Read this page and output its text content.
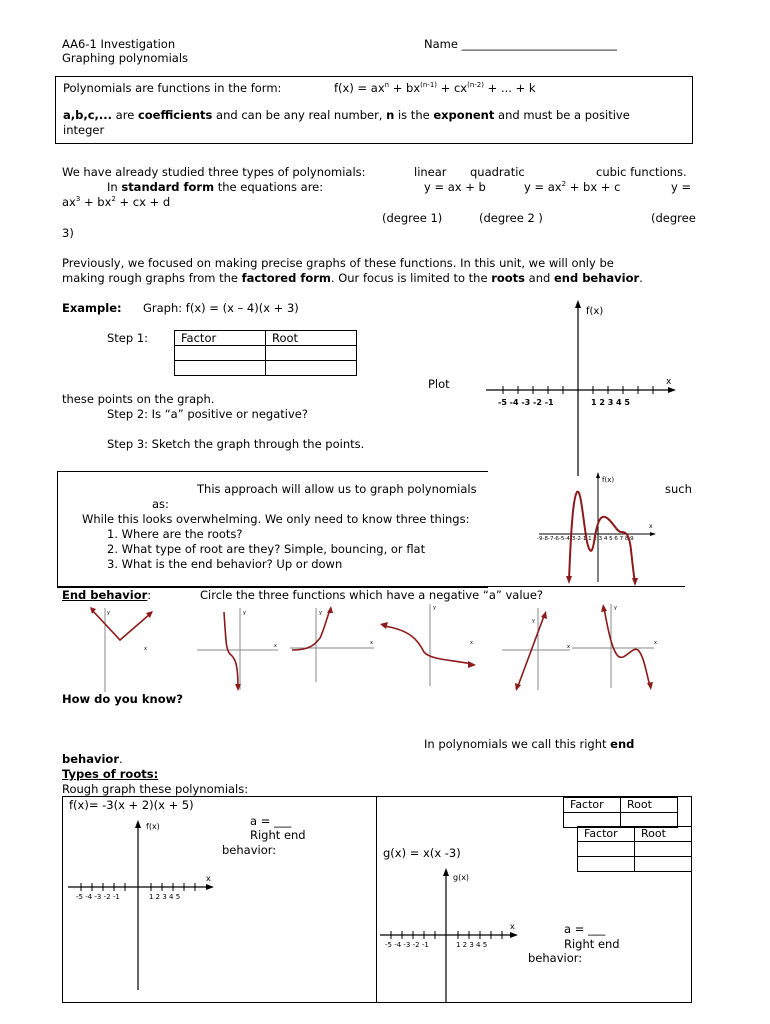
AA6-1 Investigation
Graphing polynomials
Name ___________________________
Polynomials are functions in the form:	$f(x) = ax^n + bx^{(n-1)} + cx^{(n-2)}$ + ... + k
a,b,c,... are coefficients and can be any real number, n is the exponent and must be a positive
integer
We have already studied three types of polynomials:	linear quadratic	cubic functions.
In standard form the equations are:	y = ax + b	$y = ax^2$ + bx + c	y =
$ax^3 + bx^2$ + cx + d
(degree 1)	(degree 2 )	(degree
3)
Previously, we focused on making precise graphs of these functions. In this unit, we will only be
making rough graphs from the factored form. Our focus is limited to the roots and end behavior.
Example: Graph: f(x) = (x – 4)(x + 3)
Step 1:	Factor	Root

Plot
these points on the graph.
Step 2: Is “a” positive or negative?
Step 3: Sketch the graph through the points.
-5 -4 -3 -2 -1	1 2 3 4 5
f(x)
x
This approach will allow us to graph polynomials	such
as:
While this looks overwhelming. We only need to know three things:
1. Where are the roots?
2. What type of root are they? Simple, bouncing, or flat
3. What is the end behavior? Up or down
-9-8-7-6-5-4-3-2-1 1 2 3 4 5 6 7 8 9
f(x)
x
End behavior:	Circle the three functions which have a negative “a” value?
y
x
y
x
y
x
y
x
y
x
y
x
How do you know?
In polynomials we call this right end
behavior.
Types of roots:
Rough graph these polynomials:
f(x)= -3(x + 2)(x + 5)
a = ___
Right end
behavior:
-5 -4 -3 -2 -1	1 2 3 4 5
f(x)
x
Factor	Root

Factor	Root

g(x) = x(x -3)
a = ___
Right end
behavior:
-5 -4 -3 -2 -1	1 2 3 4 5
g(x)
x
